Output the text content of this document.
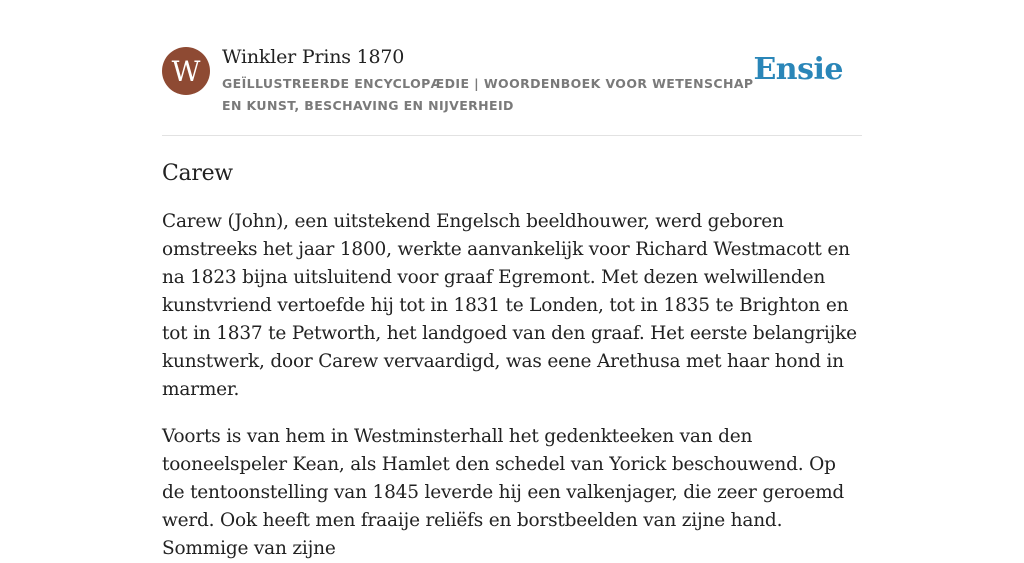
W	Winkler Prins 1870
GEÏLLUSTREERDE ENCYCLOPÆDIE | WOORDENBOEK VOOR WETENSCHAP EN KUNST, BESCHAVING EN NIJVERHEID
Ensie
Carew

Carew (John), een uitstekend Engelsch beeldhouwer, werd geboren omstreeks het jaar 1800, werkte aanvankelijk voor Richard Westmacott en na 1823 bijna uitsluitend voor graaf Egremont. Met dezen welwillenden kunstvriend vertoefde hij tot in 1831 te Londen, tot in 1835 te Brighton en tot in 1837 te Petworth, het landgoed van den graaf. Het eerste belangrijke kunstwerk, door Carew vervaardigd, was eene Arethusa met haar hond in marmer.

Voorts is van hem in Westminsterhall het gedenkteeken van den tooneelspeler Kean, als Hamlet den schedel van Yorick beschouwend. Op de tentoonstelling van 1845 leverde hij een valkenjager, die zeer geroemd werd. Ook heeft men fraaije reliëfs en borstbeelden van zijne hand. Sommige van zijne
